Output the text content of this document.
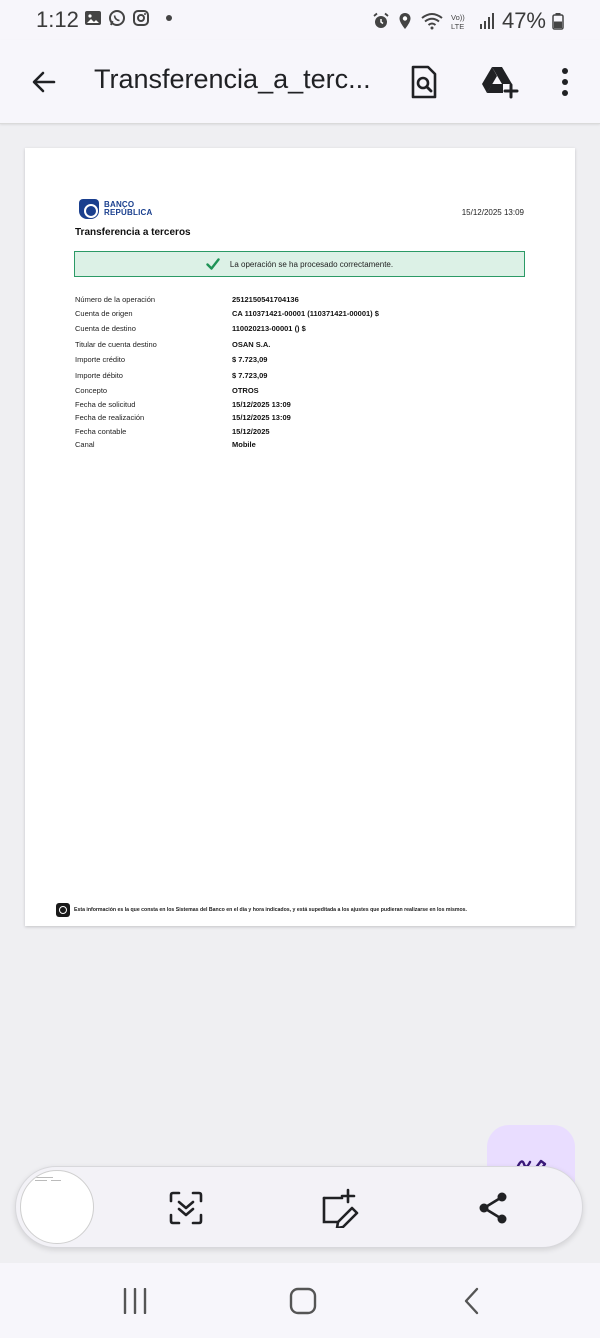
1:12	Vo))
LTE 47%
Transferencia_a_terc...
BANCO
REPÚBLICA	15/12/2025 13:09
Transferencia a terceros
La operación se ha procesado correctamente.
Número de la operación	2512150541704136
Cuenta de origen	CA 110371421-00001 (110371421-00001) $
Cuenta de destino	110020213-00001 () $
Titular de cuenta destino	OSAN S.A.
Importe crédito	$ 7.723,09
Importe débito	$ 7.723,09
Concepto	OTROS
Fecha de solicitud	15/12/2025 13:09
Fecha de realización	15/12/2025 13:09
Fecha contable	15/12/2025
Canal	Mobile
Esta información es la que consta en los Sistemas del Banco en el día y hora indicados, y está supeditada a los ajustes que pudieran realizarse en los mismos.
